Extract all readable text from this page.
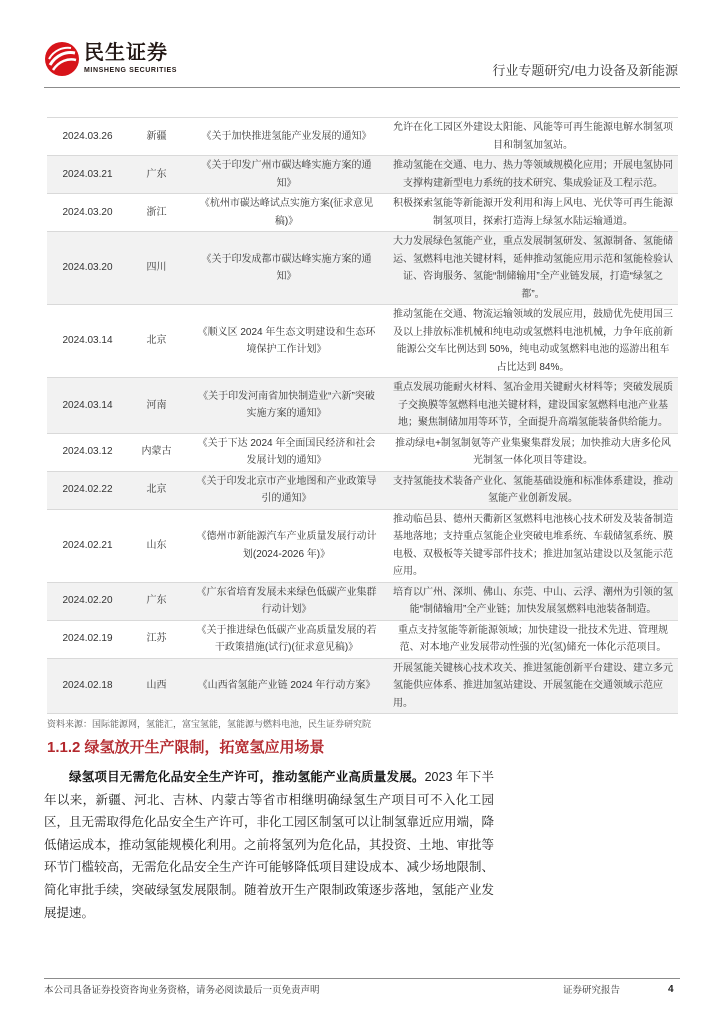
民生证券
MINSHENG SECURITIES	行业专题研究/电力设备及新能源
2024.03.26	新疆	《关于加快推进氢能产业发展的通知》	允许在化工园区外建设太阳能、风能等可再生能源电解水制氢项目和制氢加氢站。
2024.03.21	广东	《关于印发广州市碳达峰实施方案的通知》	推动氢能在交通、电力、热力等领域规模化应用；开展电氢协同支撑构建新型电力系统的技术研究、集成验证及工程示范。
2024.03.20	浙江	《杭州市碳达峰试点实施方案(征求意见稿)》	积极探索氢能等新能源开发利用和海上风电、光伏等可再生能源制氢项目，探索打造海上绿氢水陆运输通道。
2024.03.20	四川	《关于印发成都市碳达峰实施方案的通知》	大力发展绿色氢能产业，重点发展制氢研发、氢源制备、氢能储运、氢燃料电池关键材料，延伸推动氢能应用示范和氢能检验认证、咨询服务、氢能“制储输用”全产业链发展，打造“绿氢之都”。
2024.03.14	北京	《顺义区 2024 年生态文明建设和生态环境保护工作计划》	推动氢能在交通、物流运输领域的发展应用，鼓励优先使用国三及以上排放标准机械和纯电动或氢燃料电池机械，力争年底前新能源公交车比例达到 50%，纯电动或氢燃料电池的巡游出租车占比达到 84%。
2024.03.14	河南	《关于印发河南省加快制造业“六新”突破实施方案的通知》	重点发展功能耐火材料、氢冶金用关键耐火材料等；突破发展质子交换膜等氢燃料电池关键材料，建设国家氢燃料电池产业基地；聚焦制储加用等环节，全面提升高端氢能装备供给能力。
2024.03.12	内蒙古	《关于下达 2024 年全面国民经济和社会发展计划的通知》	推动绿电+制氢制氨等产业集聚集群发展；加快推动大唐多伦风光制氢一体化项目等建设。
2024.02.22	北京	《关于印发北京市产业地图和产业政策导引的通知》	支持氢能技术装备产业化、氢能基础设施和标准体系建设，推动氢能产业创新发展。
2024.02.21	山东	《德州市新能源汽车产业质量发展行动计划(2024-2026 年)》	推动临邑县、德州天衢新区氢燃料电池核心技术研发及装备制造基地落地；支持重点氢能企业突破电堆系统、车载储氢系统、膜电极、双极板等关键零部件技术；推进加氢站建设以及氢能示范应用。
2024.02.20	广东	《广东省培育发展未来绿色低碳产业集群行动计划》	培育以广州、深圳、佛山、东莞、中山、云浮、潮州为引领的氢能“制储输用”全产业链；加快发展氢燃料电池装备制造。
2024.02.19	江苏	《关于推进绿色低碳产业高质量发展的若干政策措施(试行)(征求意见稿)》	重点支持氢能等新能源领域；加快建设一批技术先进、管理规范、对本地产业发展带动性强的光(氢)储充一体化示范项目。
2024.02.18	山西	《山西省氢能产业链 2024 年行动方案》	开展氢能关键核心技术攻关、推进氢能创新平台建设、建立多元氢能供应体系、推进加氢站建设、开展氢能在交通领域示范应用。
资料来源：国际能源网，氢能汇，富宝氢能，氢能源与燃料电池，民生证券研究院
1.1.2 绿氢放开生产限制，拓宽氢应用场景

绿氢项目无需危化品安全生产许可，推动氢能产业高质量发展。2023 年下半年以来，新疆、河北、吉林、内蒙古等省市相继明确绿氢生产项目可不入化工园区，且无需取得危化品安全生产许可，非化工园区制氢可以让制氢靠近应用端，降低储运成本，推动氢能规模化利用。之前将氢列为危化品，其投资、土地、审批等环节门槛较高，无需危化品安全生产许可能够降低项目建设成本、减少场地限制、简化审批手续，突破绿氢发展限制。随着放开生产限制政策逐步落地，氢能产业发展提速。

本公司具备证券投资咨询业务资格，请务必阅读最后一页免责声明	证券研究报告	4
